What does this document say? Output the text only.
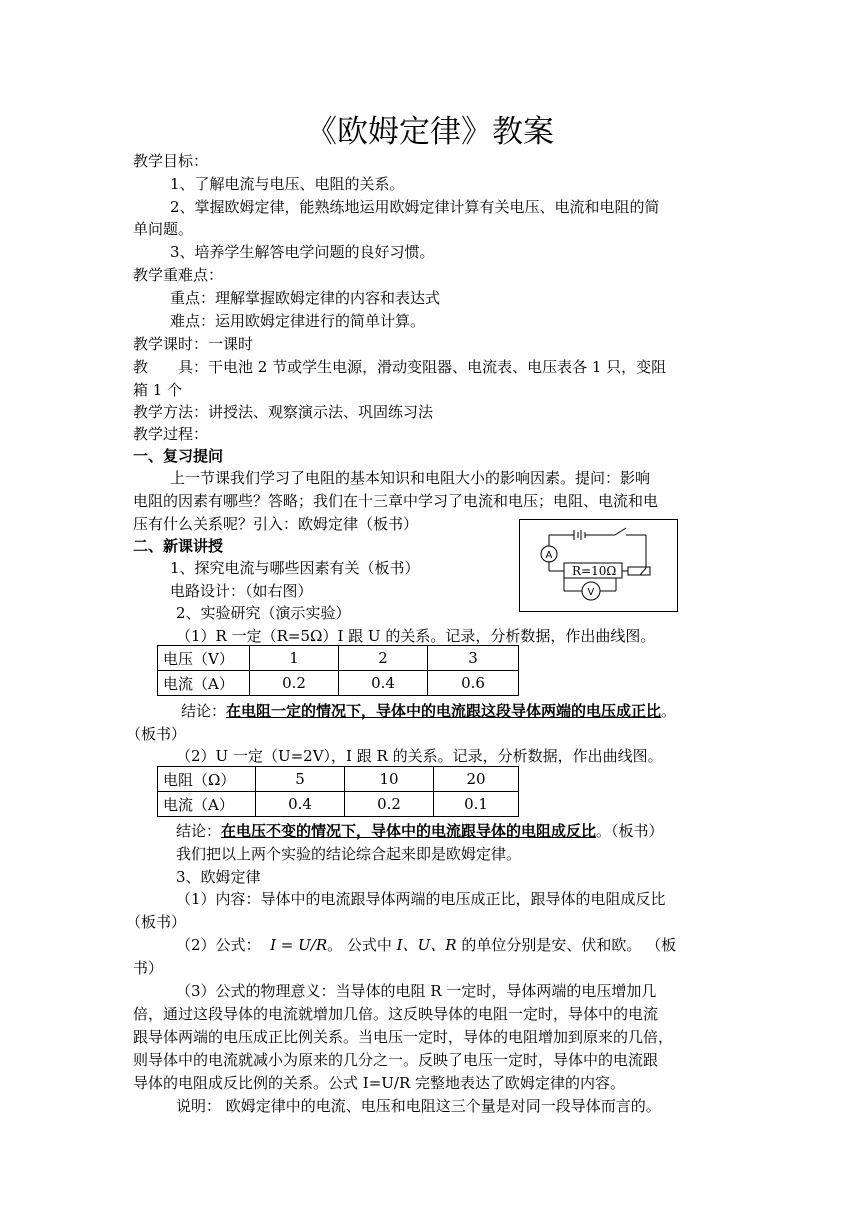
《欧姆定律》教案
教学目标：
1、了解电流与电压、电阻的关系。
2、掌握欧姆定律，能熟练地运用欧姆定律计算有关电压、电流和电阻的简
单问题。
3、培养学生解答电学问题的良好习惯。
教学重难点：
重点：理解掌握欧姆定律的内容和表达式
难点：运用欧姆定律进行的简单计算。
教学课时：一课时
教　　具：干电池 2 节或学生电源，滑动变阻器、电流表、电压表各 1 只，变阻
箱 1 个
教学方法：讲授法、观察演示法、巩固练习法
教学过程：
一、复习提问
上一节课我们学习了电阻的基本知识和电阻大小的影响因素。提问：影响
电阻的因素有哪些？答略；我们在十三章中学习了电流和电压；电阻、电流和电
压有什么关系呢？引入：欧姆定律（板书）
二、新课讲授
1、探究电流与哪些因素有关（板书）
电路设计：（如右图）
2、实验研究（演示实验）
A
V
R=10Ω
（1）R 一定（R=5Ω）I 跟 U 的关系。记录，分析数据，作出曲线图。
电压（V）	1	2	3
电流（A）	0.2	0.4	0.6
结论：在电阻一定的情况下，导体中的电流跟这段导体两端的电压成正比。
（板书）
（2）U 一定（U=2V），I 跟 R 的关系。记录，分析数据，作出曲线图。
电阻（Ω）	5	10	20
电流（A）	0.4	0.2	0.1
结论：在电压不变的情况下，导体中的电流跟导体的电阻成反比。（板书）
我们把以上两个实验的结论综合起来即是欧姆定律。
3、欧姆定律
（1）内容：导体中的电流跟导体两端的电压成正比，跟导体的电阻成反比
（板书）
（2）公式： I = U/R。 公式中 I、U、R 的单位分别是安、伏和欧。 （板
书）
（3）公式的物理意义：当导体的电阻 R 一定时，导体两端的电压增加几
倍，通过这段导体的电流就增加几倍。这反映导体的电阻一定时，导体中的电流
跟导体两端的电压成正比例关系。当电压一定时，导体的电阻增加到原来的几倍，
则导体中的电流就减小为原来的几分之一。反映了电压一定时，导体中的电流跟
导体的电阻成反比例的关系。公式 I=U/R 完整地表达了欧姆定律的内容。
说明： 欧姆定律中的电流、电压和电阻这三个量是对同一段导体而言的。
